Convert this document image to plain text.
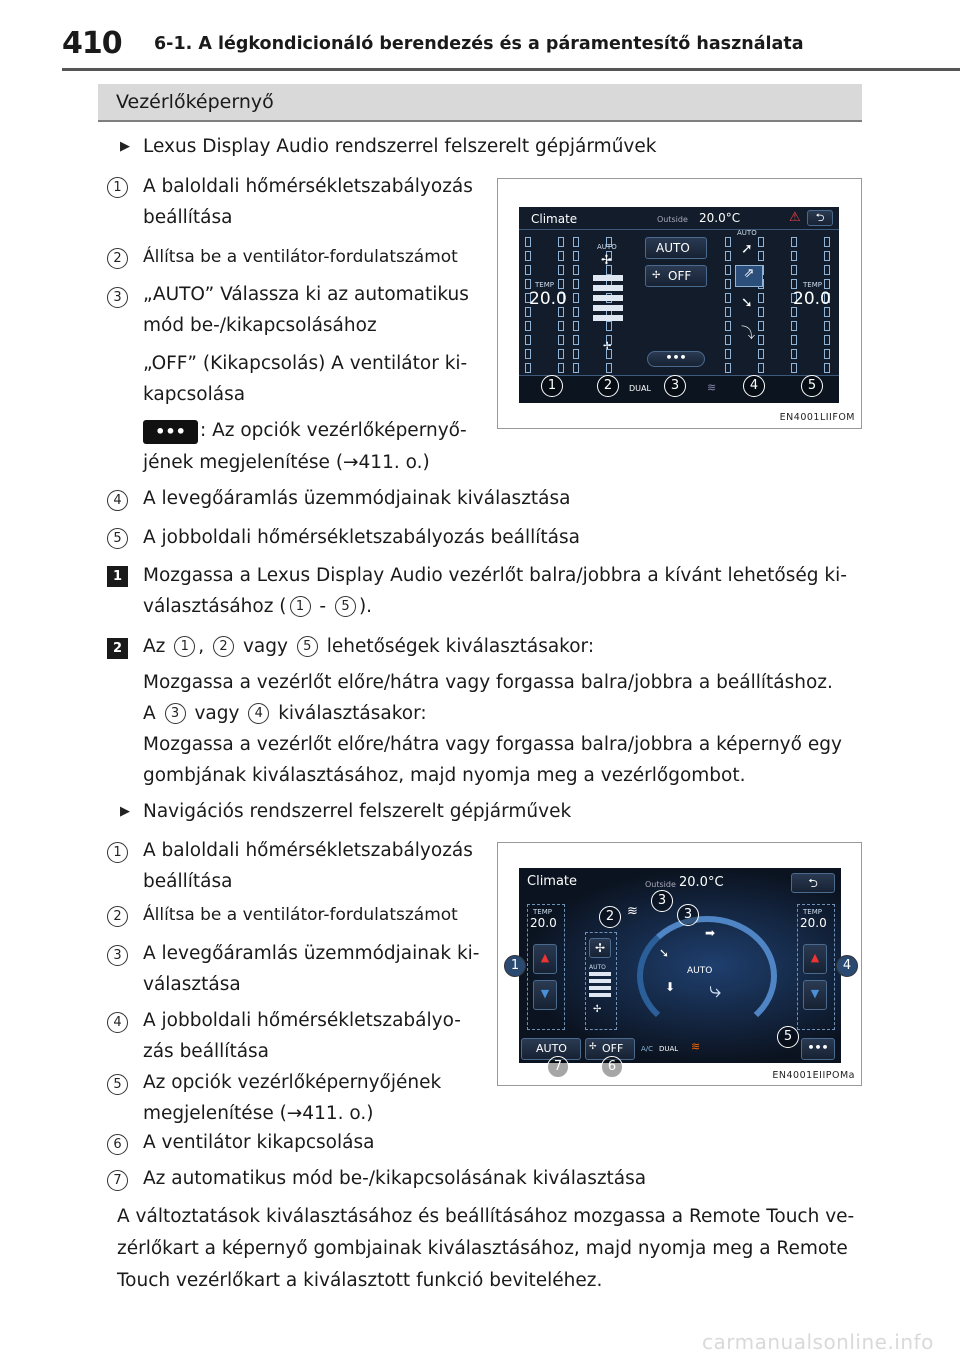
410 6-1. A légkondicionáló berendezés és a páramentesítő használata
Vezérlőképernyő
▶ Lexus Display Audio rendszerrel felszerelt gépjárművek
1	A baloldali hőmérsékletszabályozás
beállítása
2	Állítsa be a ventilátor-fordulatszámot
3	„AUTO” Válassza ki az automatikus
mód be-/kikapcsolásához
„OFF” (Kikapcsolás) A ventilátor ki-
kapcsolása
••• : Az opciók vezérlőképernyő-
jének megjelenítése (→411. o.)
Climate	Outside 20.0°C	⚠	⮌
TEMP
20.0
AUTO
✢
✢
AUTO
OFF
✢
•••
AUTO
➚
⇗
➘
⤵
TEMP
20.0
DUAL	≋
1	2	3	4	5
EN4001LIIFOM
4	A levegőáramlás üzemmódjainak kiválasztása
5	A jobboldali hőmérsékletszabályozás beállítása
1	Mozgassa a Lexus Display Audio vezérlőt balra/jobbra a kívánt lehetőség ki-
választásához ( 1 - 5 ).
2	Az 1 , 2 vagy 5 lehetőségek kiválasztásakor:
Mozgassa a vezérlőt előre/hátra vagy forgassa balra/jobbra a beállításhoz.
A 3 vagy 4 kiválasztásakor:
Mozgassa a vezérlőt előre/hátra vagy forgassa balra/jobbra a képernyő egy
gombjának kiválasztásához, majd nyomja meg a vezérlőgombot.
▶ Navigációs rendszerrel felszerelt gépjárművek
1	A baloldali hőmérsékletszabályozás
beállítása
2	Állítsa be a ventilátor-fordulatszámot
3	A levegőáramlás üzemmódjainak ki-
választása
4	A jobboldali hőmérsékletszabályo-
zás beállítása
5	Az opciók vezérlőképernyőjének
megjelenítése (→411. o.)
6	A ventilátor kikapcsolása
7	Az automatikus mód be-/kikapcsolásának kiválasztása
A változtatások kiválasztásához és beállításához mozgassa a Remote Touch ve-
zérlőkart a képernyő gombjainak kiválasztásához, majd nyomja meg a Remote
Touch vezérlőkart a kiválasztott funkció beviteléhez.
Climate	Outside 20.0°C	⮌
TEMP
20.0
▲
▼
✢
AUTO
✢
AUTO
➡
➘
⬇ ⤷
≋	TEMP
20.0
▲
▼
AUTO	OFF
✢	A/C DUAL ≋	•••
3
2	3
5
6
7
1	4
EN4001EIIPOMa
carmanualsonline.info
